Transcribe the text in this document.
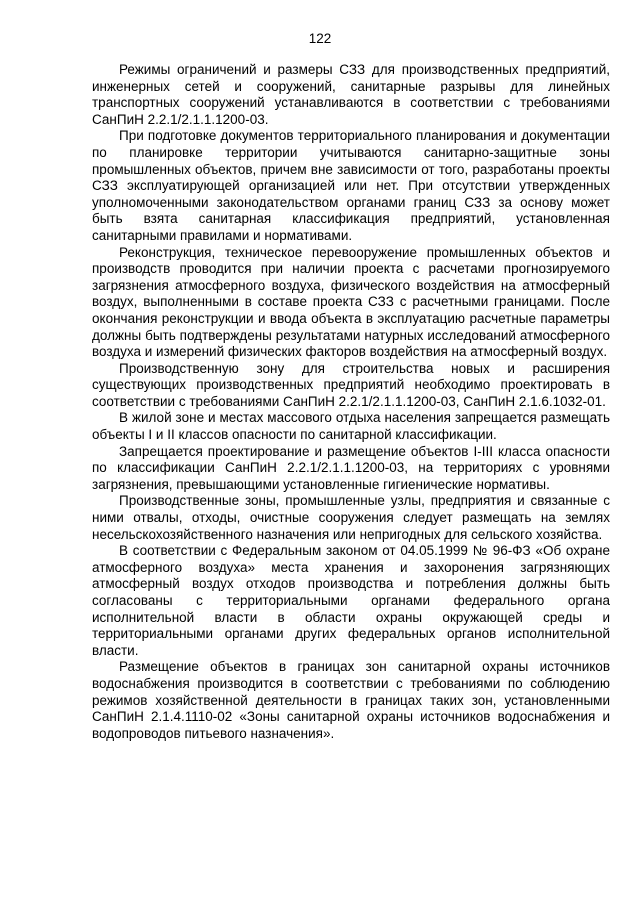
122

Режимы ограничений и размеры СЗЗ для производственных предприятий, инженерных сетей и сооружений, санитарные разрывы для линейных транспортных сооружений устанавливаются в соответствии с требованиями СанПиН 2.2.1/2.1.1.1200-03.

При подготовке документов территориального планирования и документации по планировке территории учитываются санитарно-защитные зоны промышленных объектов, причем вне зависимости от того, разработаны проекты СЗЗ эксплуатирующей организацией или нет. При отсутствии утвержденных уполномоченными законодательством органами границ СЗЗ за основу может быть взята санитарная классификация предприятий, установленная санитарными правилами и нормативами.

Реконструкция, техническое перевооружение промышленных объектов и производств проводится при наличии проекта с расчетами прогнозируемого загрязнения атмосферного воздуха, физического воздействия на атмосферный воздух, выполненными в составе проекта СЗЗ с расчетными границами. После окончания реконструкции и ввода объекта в эксплуатацию расчетные параметры должны быть подтверждены результатами натурных исследований атмосферного воздуха и измерений физических факторов воздействия на атмосферный воздух.

Производственную зону для строительства новых и расширения существующих производственных предприятий необходимо проектировать в соответствии с требованиями СанПиН 2.2.1/2.1.1.1200-03, СанПиН 2.1.6.1032-01.

В жилой зоне и местах массового отдыха населения запрещается размещать объекты I и II классов опасности по санитарной классификации.

Запрещается проектирование и размещение объектов I-III класса опасности по классификации СанПиН 2.2.1/2.1.1.1200-03, на территориях с уровнями загрязнения, превышающими установленные гигиенические нормативы.

Производственные зоны, промышленные узлы, предприятия и связанные с ними отвалы, отходы, очистные сооружения следует размещать на землях несельскохозяйственного назначения или непригодных для сельского хозяйства.

В соответствии с Федеральным законом от 04.05.1999 № 96-ФЗ «Об охране атмосферного воздуха» места хранения и захоронения загрязняющих атмосферный воздух отходов производства и потребления должны быть согласованы с территориальными органами федерального органа исполнительной власти в области охраны окружающей среды и территориальными органами других федеральных органов исполнительной власти.

Размещение объектов в границах зон санитарной охраны источников водоснабжения производится в соответствии с требованиями по соблюдению режимов хозяйственной деятельности в границах таких зон, установленными СанПиН 2.1.4.1110-02 «Зоны санитарной охраны источников водоснабжения и водопроводов питьевого назначения».
